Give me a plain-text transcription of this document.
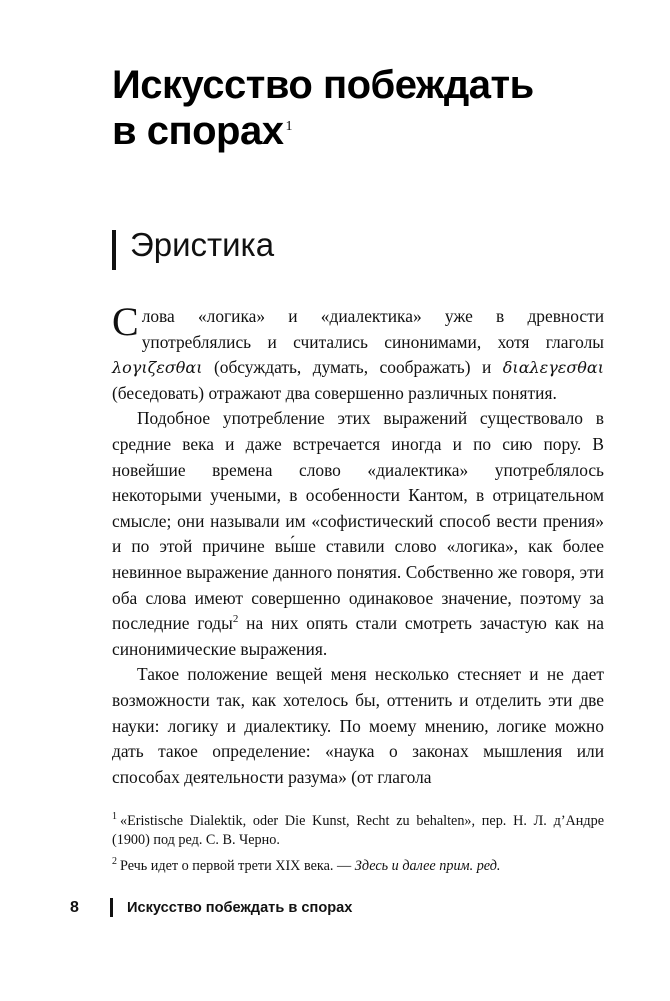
Искусство побеждать
в спорах $^1$
Эристика

Слова «логика» и «диалектика» уже в древности употреблялись и считались синонимами, хотя глаголы λογιζεσθαι (обсуждать, думать, соображать) и διαλεγεσθαι (беседовать) отражают два совершенно различных понятия.

Подобное употребление этих выражений существовало в средние века и даже встречается иногда и по сию пору. В новейшие времена слово «диалектика» употреблялось некоторыми учеными, в особенности Кантом, в отрицательном смысле; они называли им «софистический способ вести прения» и по этой причине вы́ше ставили слово «логика», как более невинное выражение данного понятия. Собственно же говоря, эти оба слова имеют совершенно одинаковое значение, поэтому за последние годы$^2$ на них опять стали смотреть зачастую как на синонимические выражения.

Такое положение вещей меня несколько стесняет и не дает возможности так, как хотелось бы, оттенить и отделить эти две науки: логику и диалектику. По моему мнению, логике можно дать такое определение: «наука о законах мышления или способах деятельности разума» (от глагола

$^1$ «Eristische Dialektik, oder Die Kunst, Recht zu behalten», пер. Н. Л. д’Андре (1900) под ред. С. В. Черно.

$^2$ Речь идет о первой трети XIX века. — Здесь и далее прим. ред.

8	Искусство побеждать в спорах
